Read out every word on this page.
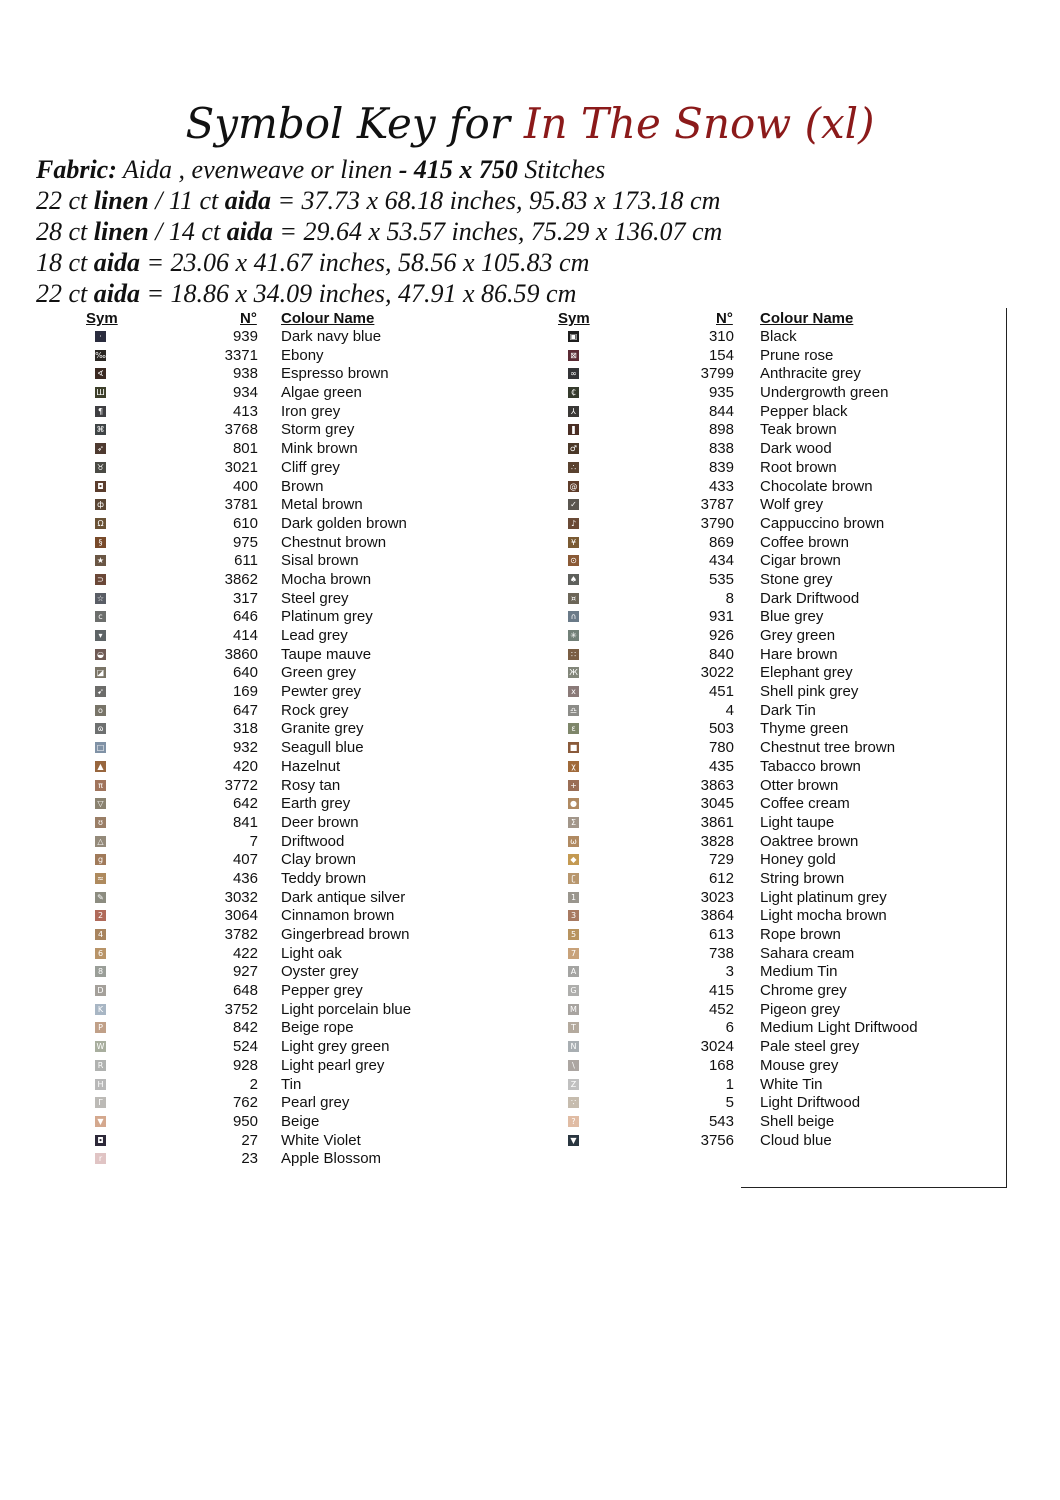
Symbol Key for In The Snow (xl)
Fabric: Aida , evenweave or linen - 415 x 750 Stitches
22 ct linen / 11 ct aida = 37.73 x 68.18 inches, 95.83 x 173.18 cm
28 ct linen / 14 ct aida = 29.64 x 53.57 inches, 75.29 x 136.07 cm
18 ct aida = 23.06 x 41.67 inches, 58.56 x 105.83 cm
22 ct aida = 18.86 x 34.09 inches, 47.91 x 86.59 cm
Sym	N° Colour Name	Sym	N° Colour Name
·	939 Dark navy blue
‰	3371 Ebony
∢	938 Espresso brown
Ш	934 Algae green
¶	413 Iron grey
⌘	3768 Storm grey
➶	801 Mink brown
♉	3021 Cliff grey
◘	400 Brown
ф	3781 Metal brown
Ω	610 Dark golden brown
§	975 Chestnut brown
★	611 Sisal brown
⊃	3862 Mocha brown
☆	317 Steel grey
c	646 Platinum grey
▾	414 Lead grey
◒	3860 Taupe mauve
◪	640 Green grey
➹	169 Pewter grey
o	647 Rock grey
ɷ	318 Granite grey
□	932 Seagull blue
▲	420 Hazelnut
π	3772 Rosy tan
▽	642 Earth grey
ʊ	841 Deer brown
△	7 Driftwood
g	407 Clay brown
≈	436 Teddy brown
✎	3032 Dark antique silver
2	3064 Cinnamon brown
4	3782 Gingerbread brown
6	422 Light oak
8	927 Oyster grey
D	648 Pepper grey
K	3752 Light porcelain blue
P	842 Beige rope
W	524 Light grey green
R	928 Light pearl grey
H	2 Tin
Γ	762 Pearl grey
▼	950 Beige
◘	27 White Violet
r	23 Apple Blossom
▣	310 Black
⊠	154 Prune rose
∞	3799 Anthracite grey
₵	935 Undergrowth green
⅄	844 Pepper black
❚	898 Teak brown
♂	838 Dark wood
∴	839 Root brown
@	433 Chocolate brown
✓	3787 Wolf grey
♪	3790 Cappuccino brown
¥	869 Coffee brown
⊙	434 Cigar brown
♠	535 Stone grey
¤	8 Dark Driftwood
∩	931 Blue grey
✳	926 Grey green
∷	840 Hare brown
Ж	3022 Elephant grey
x	451 Shell pink grey
♎	4 Dark Tin
ε	503 Thyme green
■	780 Chestnut tree brown
χ	435 Tabacco brown
+	3863 Otter brown
●	3045 Coffee cream
Σ	3861 Light taupe
ω	3828 Oaktree brown
◆	729 Honey gold
ʗ	612 String brown
1	3023 Light platinum grey
3	3864 Light mocha brown
5	613 Rope brown
7	738 Sahara cream
A	3 Medium Tin
G	415 Chrome grey
M	452 Pigeon grey
T	6 Medium Light Driftwood
N	3024 Pale steel grey
\	168 Mouse grey
Z	1 White Tin
∵	5 Light Driftwood
?	543 Shell beige
▼	3756 Cloud blue
